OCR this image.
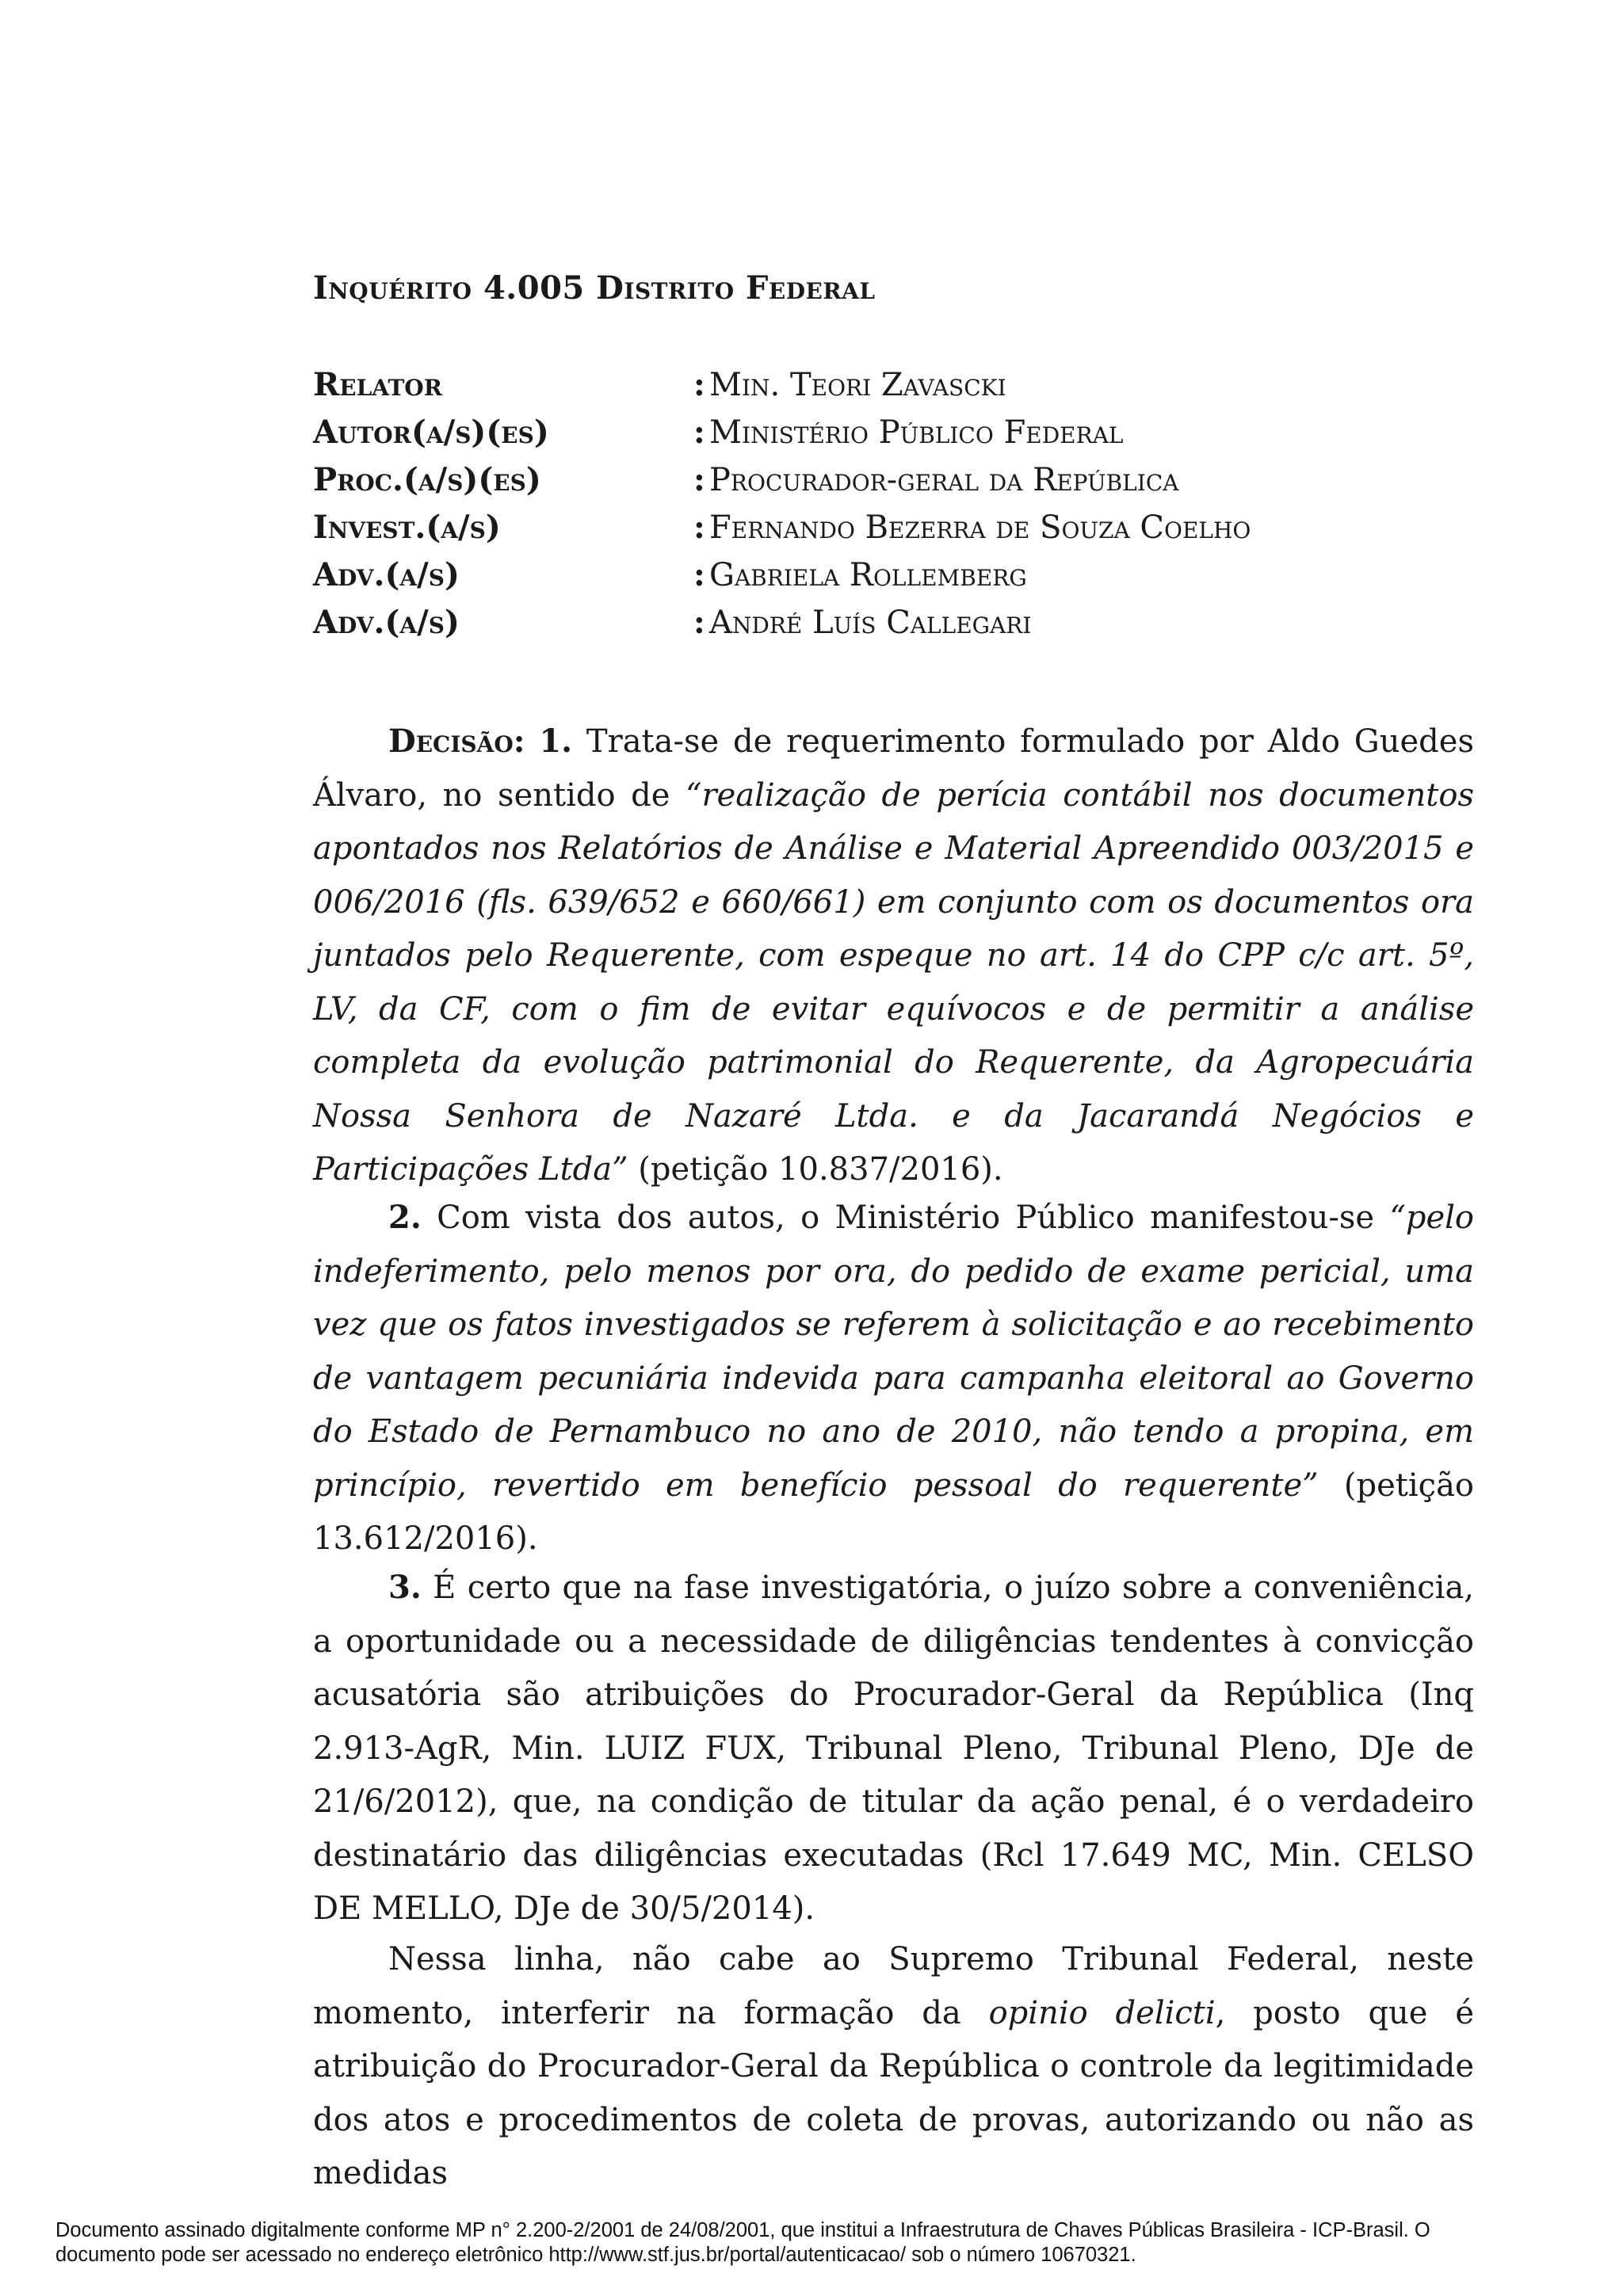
Inquérito 4.005 Distrito Federal
Relator	: Min. Teori Zavascki
Autor(a/s)(es)	: Ministério Público Federal
Proc.(a/s)(es)	: Procurador-geral da República
Invest.(a/s)	: Fernando Bezerra de Souza Coelho
Adv.(a/s)	: Gabriela Rollemberg
Adv.(a/s)	: André Luís Callegari

Decisão: 1. Trata-se de requerimento formulado por Aldo Guedes Álvaro, no sentido de “realização de perícia contábil nos documentos apontados nos Relatórios de Análise e Material Apreendido 003/2015 e 006/2016 (fls. 639/652 e 660/661) em conjunto com os documentos ora juntados pelo Requerente, com espeque no art. 14 do CPP c/c art. 5º, LV, da CF, com o fim de evitar equívocos e de permitir a análise completa da evolução patrimonial do Requerente, da Agropecuária Nossa Senhora de Nazaré Ltda. e da Jacarandá Negócios e Participações Ltda” (petição 10.837/2016).

2. Com vista dos autos, o Ministério Público manifestou-se “pelo indeferimento, pelo menos por ora, do pedido de exame pericial, uma vez que os fatos investigados se referem à solicitação e ao recebimento de vantagem pecuniária indevida para campanha eleitoral ao Governo do Estado de Pernambuco no ano de 2010, não tendo a propina, em princípio, revertido em benefício pessoal do requerente” (petição 13.612/2016).

3. É certo que na fase investigatória, o juízo sobre a conveniência, a oportunidade ou a necessidade de diligências tendentes à convicção acusatória são atribuições do Procurador-Geral da República (Inq 2.913-AgR, Min. LUIZ FUX, Tribunal Pleno, Tribunal Pleno, DJe de 21/6/2012), que, na condição de titular da ação penal, é o verdadeiro destinatário das diligências executadas (Rcl 17.649 MC, Min. CELSO DE MELLO, DJe de 30/5/2014).

Nessa linha, não cabe ao Supremo Tribunal Federal, neste momento, interferir na formação da opinio delicti, posto que é atribuição do Procurador-Geral da República o controle da legitimidade dos atos e procedimentos de coleta de provas, autorizando ou não as medidas

Documento assinado digitalmente conforme MP n° 2.200-2/2001 de 24/08/2001, que institui a Infraestrutura de Chaves Públicas Brasileira - ICP-Brasil. O
documento pode ser acessado no endereço eletrônico http://www.stf.jus.br/portal/autenticacao/ sob o número 10670321.
